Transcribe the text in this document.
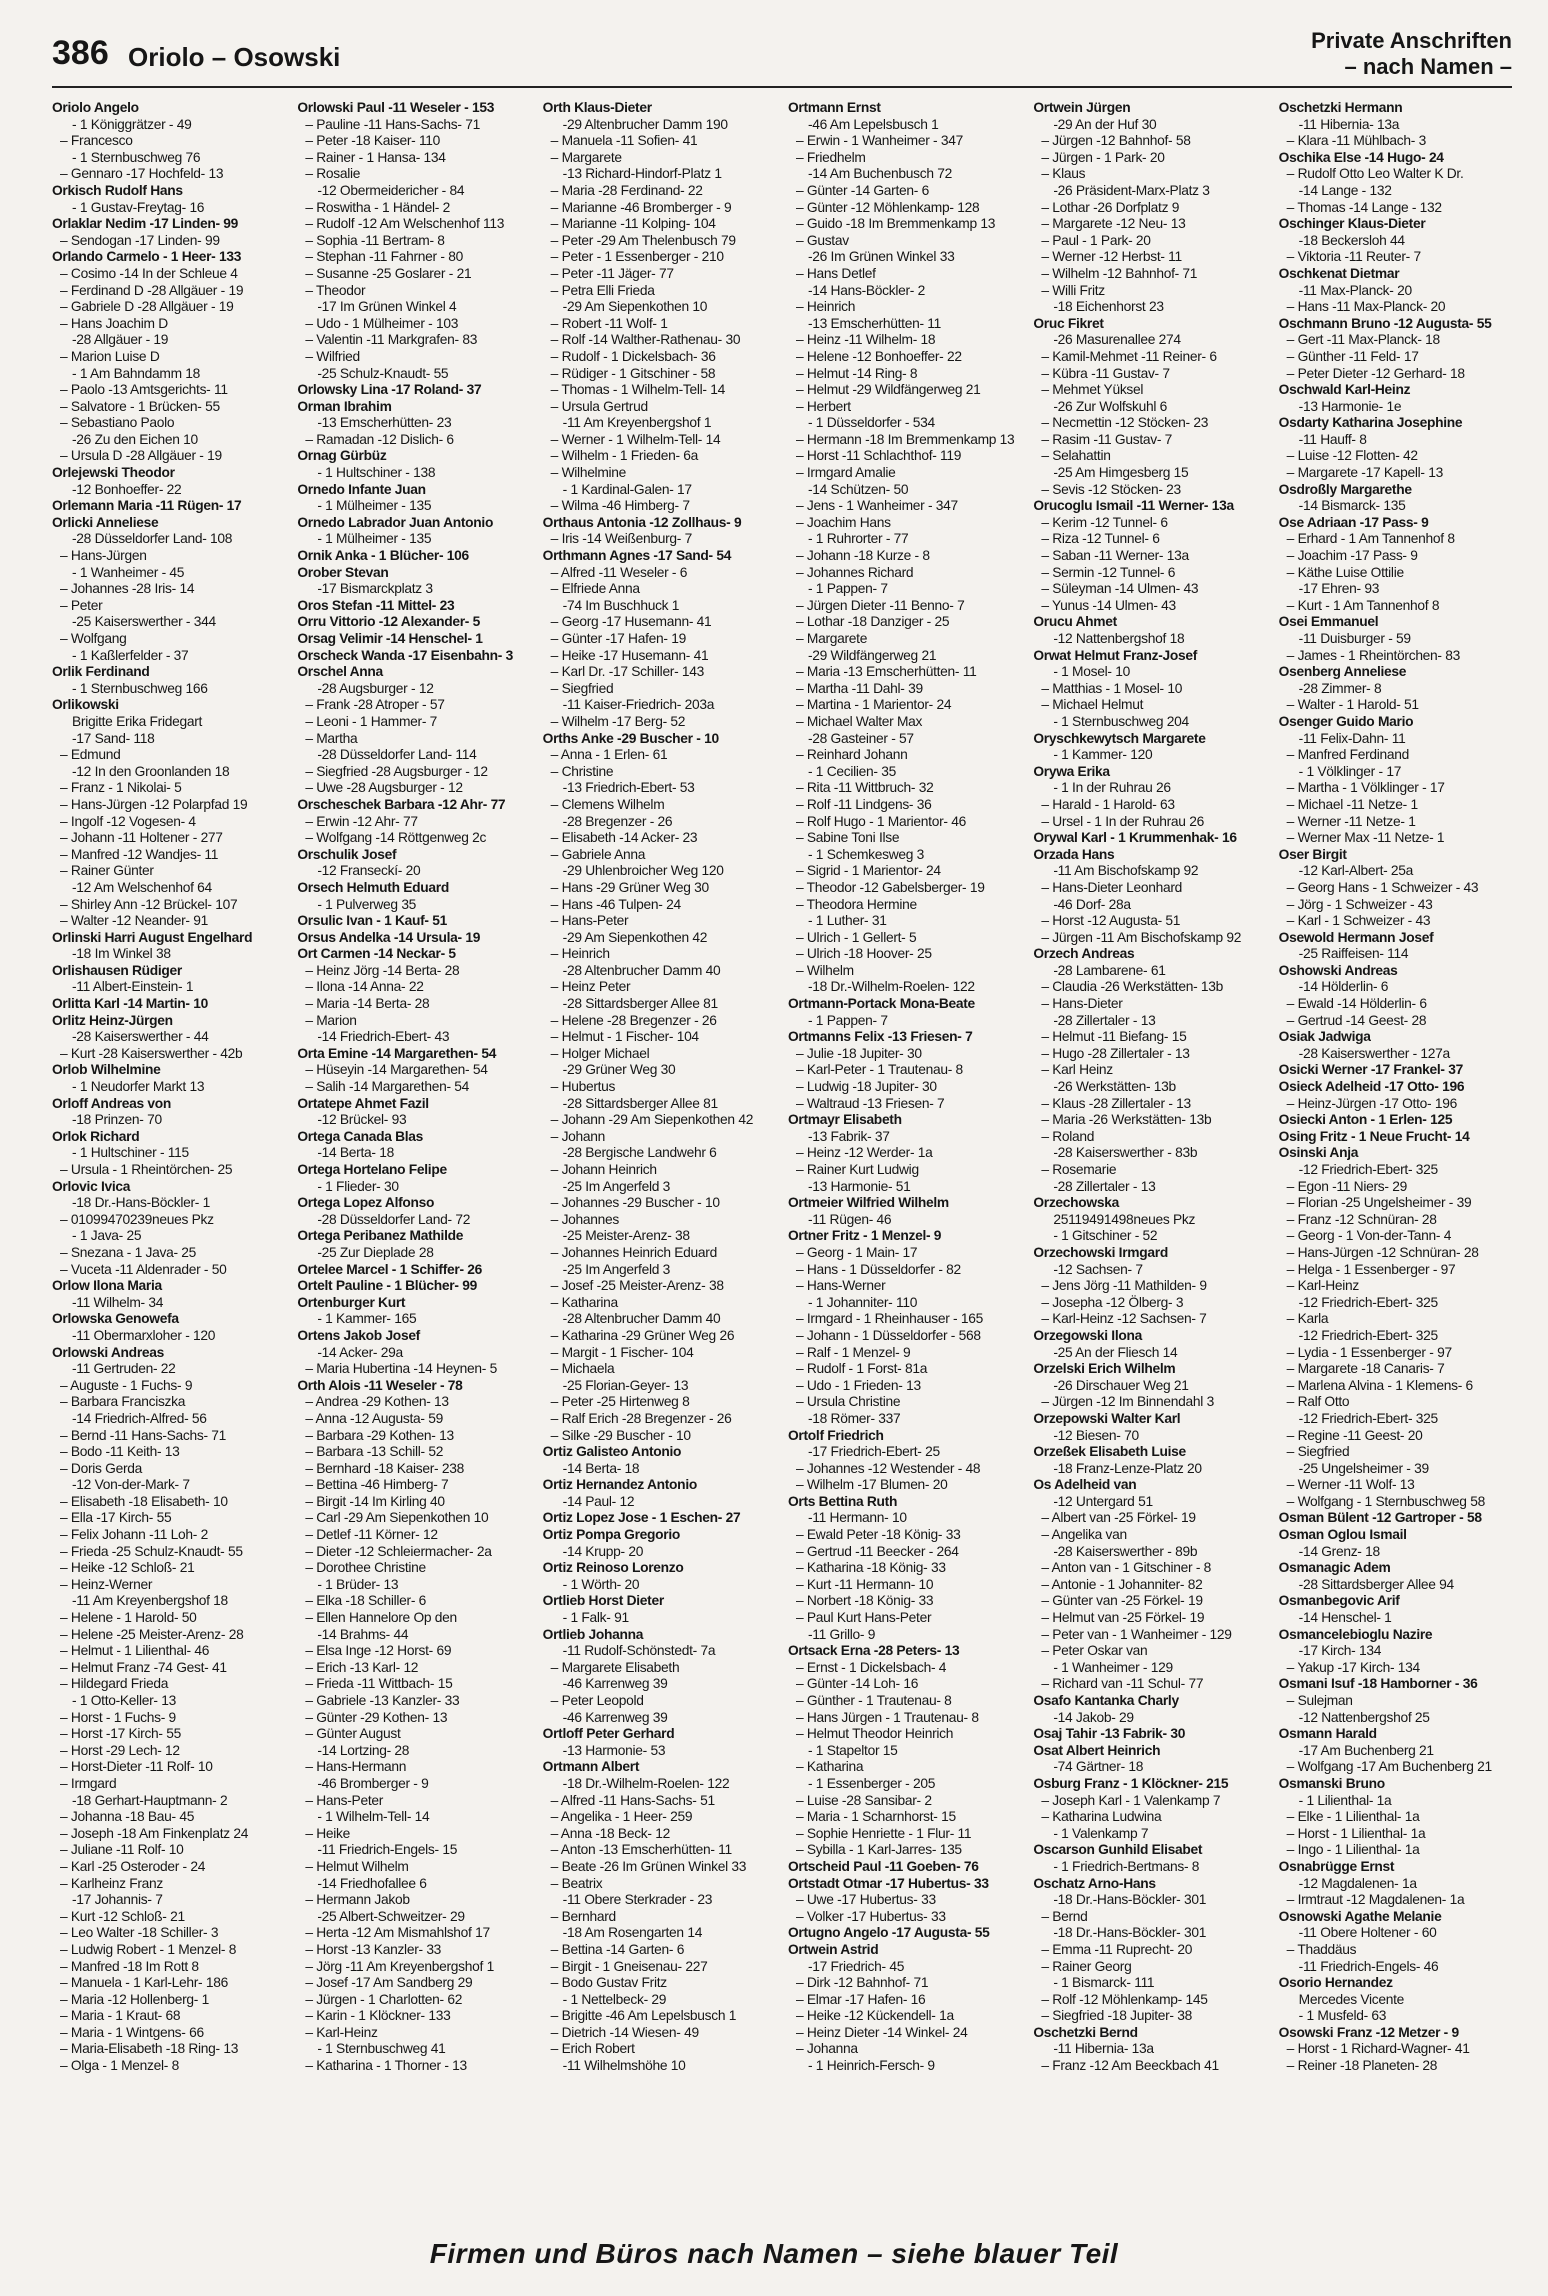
386 Oriolo – Osowski
Private Anschriften
– nach Namen –
Oriolo Angelo
- 1 Königgrätzer - 49
– Francesco
- 1 Sternbuschweg 76
– Gennaro -17 Hochfeld- 13
Orkisch Rudolf Hans
- 1 Gustav-Freytag- 16
Orlaklar Nedim -17 Linden- 99
– Sendogan -17 Linden- 99
Orlando Carmelo - 1 Heer- 133
– Cosimo -14 In der Schleue 4
– Ferdinand D -28 Allgäuer - 19
– Gabriele D -28 Allgäuer - 19
– Hans Joachim D
-28 Allgäuer - 19
– Marion Luise D
- 1 Am Bahndamm 18
– Paolo -13 Amtsgerichts- 11
– Salvatore - 1 Brücken- 55
– Sebastiano Paolo
-26 Zu den Eichen 10
– Ursula D -28 Allgäuer - 19
Orlejewski Theodor
-12 Bonhoeffer- 22
Orlemann Maria -11 Rügen- 17
Orlicki Anneliese
-28 Düsseldorfer Land- 108
– Hans-Jürgen
- 1 Wanheimer - 45
– Johannes -28 Iris- 14
– Peter
-25 Kaiserswerther - 344
– Wolfgang
- 1 Kaßlerfelder - 37
Orlik Ferdinand
- 1 Sternbuschweg 166
Orlikowski
Brigitte Erika Fridegart
-17 Sand- 118
– Edmund
-12 In den Groonlanden 18
– Franz - 1 Nikolai- 5
– Hans-Jürgen -12 Polarpfad 19
– Ingolf -12 Vogesen- 4
– Johann -11 Holtener - 277
– Manfred -12 Wandjes- 11
– Rainer Günter
-12 Am Welschenhof 64
– Shirley Ann -12 Brückel- 107
– Walter -12 Neander- 91
Orlinski Harri August Engelhard
-18 Im Winkel 38
Orlishausen Rüdiger
-11 Albert-Einstein- 1
Orlitta Karl -14 Martin- 10
Orlitz Heinz-Jürgen
-28 Kaiserswerther - 44
– Kurt -28 Kaiserswerther - 42b
Orlob Wilhelmine
- 1 Neudorfer Markt 13
Orloff Andreas von
-18 Prinzen- 70
Orlok Richard
- 1 Hultschiner - 115
– Ursula - 1 Rheintörchen- 25
Orlovic Ivica
-18 Dr.-Hans-Böckler- 1
– 01099470239neues Pkz
- 1 Java- 25
– Snezana - 1 Java- 25
– Vuceta -11 Aldenrader - 50
Orlow Ilona Maria
-11 Wilhelm- 34
Orlowska Genowefa
-11 Obermarxloher - 120
Orlowski Andreas
-11 Gertruden- 22
– Auguste - 1 Fuchs- 9
– Barbara Franciszka
-14 Friedrich-Alfred- 56
– Bernd -11 Hans-Sachs- 71
– Bodo -11 Keith- 13
– Doris Gerda
-12 Von-der-Mark- 7
– Elisabeth -18 Elisabeth- 10
– Ella -17 Kirch- 55
– Felix Johann -11 Loh- 2
– Frieda -25 Schulz-Knaudt- 55
– Heike -12 Schloß- 21
– Heinz-Werner
-11 Am Kreyenbergshof 18
– Helene - 1 Harold- 50
– Helene -25 Meister-Arenz- 28
– Helmut - 1 Lilienthal- 46
– Helmut Franz -74 Gest- 41
– Hildegard Frieda
- 1 Otto-Keller- 13
– Horst - 1 Fuchs- 9
– Horst -17 Kirch- 55
– Horst -29 Lech- 12
– Horst-Dieter -11 Rolf- 10
– Irmgard
-18 Gerhart-Hauptmann- 2
– Johanna -18 Bau- 45
– Joseph -18 Am Finkenplatz 24
– Juliane -11 Rolf- 10
– Karl -25 Osteroder - 24
– Karlheinz Franz
-17 Johannis- 7
– Kurt -12 Schloß- 21
– Leo Walter -18 Schiller- 3
– Ludwig Robert - 1 Menzel- 8
– Manfred -18 Im Rott 8
– Manuela - 1 Karl-Lehr- 186
– Maria -12 Hollenberg- 1
– Maria - 1 Kraut- 68
– Maria - 1 Wintgens- 66
– Maria-Elisabeth -18 Ring- 13
– Olga - 1 Menzel- 8
Orlowski Paul -11 Weseler - 153
– Pauline -11 Hans-Sachs- 71
– Peter -18 Kaiser- 110
– Rainer - 1 Hansa- 134
– Rosalie
-12 Obermeidericher - 84
– Roswitha - 1 Händel- 2
– Rudolf -12 Am Welschenhof 113
– Sophia -11 Bertram- 8
– Stephan -11 Fahrner - 80
– Susanne -25 Goslarer - 21
– Theodor
-17 Im Grünen Winkel 4
– Udo - 1 Mülheimer - 103
– Valentin -11 Markgrafen- 83
– Wilfried
-25 Schulz-Knaudt- 55
Orlowsky Lina -17 Roland- 37
Orman Ibrahim
-13 Emscherhütten- 23
– Ramadan -12 Dislich- 6
Ornag Gürbüz
- 1 Hultschiner - 138
Ornedo Infante Juan
- 1 Mülheimer - 135
Ornedo Labrador Juan Antonio
- 1 Mülheimer - 135
Ornik Anka - 1 Blücher- 106
Orober Stevan
-17 Bismarckplatz 3
Oros Stefan -11 Mittel- 23
Orru Vittorio -12 Alexander- 5
Orsag Velimir -14 Henschel- 1
Orscheck Wanda -17 Eisenbahn- 3
Orschel Anna
-28 Augsburger - 12
– Frank -28 Atroper - 57
– Leoni - 1 Hammer- 7
– Martha
-28 Düsseldorfer Land- 114
– Siegfried -28 Augsburger - 12
– Uwe -28 Augsburger - 12
Orscheschek Barbara -12 Ahr- 77
– Erwin -12 Ahr- 77
– Wolfgang -14 Röttgenweg 2c
Orschulik Josef
-12 Franseckí- 20
Orsech Helmuth Eduard
- 1 Pulverweg 35
Orsulic Ivan - 1 Kauf- 51
Orsus Andelka -14 Ursula- 19
Ort Carmen -14 Neckar- 5
– Heinz Jörg -14 Berta- 28
– Ilona -14 Anna- 22
– Maria -14 Berta- 28
– Marion
-14 Friedrich-Ebert- 43
Orta Emine -14 Margarethen- 54
– Hüseyin -14 Margarethen- 54
– Salih -14 Margarethen- 54
Ortatepe Ahmet Fazil
-12 Brückel- 93
Ortega Canada Blas
-14 Berta- 18
Ortega Hortelano Felipe
- 1 Flieder- 30
Ortega Lopez Alfonso
-28 Düsseldorfer Land- 72
Ortega Peribanez Mathilde
-25 Zur Dieplade 28
Ortelee Marcel - 1 Schiffer- 26
Ortelt Pauline - 1 Blücher- 99
Ortenburger Kurt
- 1 Kammer- 165
Ortens Jakob Josef
-14 Acker- 29a
– Maria Hubertina -14 Heynen- 5
Orth Alois -11 Weseler - 78
– Andrea -29 Kothen- 13
– Anna -12 Augusta- 59
– Barbara -29 Kothen- 13
– Barbara -13 Schill- 52
– Bernhard -18 Kaiser- 238
– Bettina -46 Himberg- 7
– Birgit -14 Im Kirling 40
– Carl -29 Am Siepenkothen 10
– Detlef -11 Körner- 12
– Dieter -12 Schleiermacher- 2a
– Dorothee Christine
- 1 Brüder- 13
– Elka -18 Schiller- 6
– Ellen Hannelore Op den
-14 Brahms- 44
– Elsa Inge -12 Horst- 69
– Erich -13 Karl- 12
– Frieda -11 Wittbach- 15
– Gabriele -13 Kanzler- 33
– Günter -29 Kothen- 13
– Günter August
-14 Lortzing- 28
– Hans-Hermann
-46 Bromberger - 9
– Hans-Peter
- 1 Wilhelm-Tell- 14
– Heike
-11 Friedrich-Engels- 15
– Helmut Wilhelm
-14 Friedhofallee 6
– Hermann Jakob
-25 Albert-Schweitzer- 29
– Herta -12 Am Mismahlshof 17
– Horst -13 Kanzler- 33
– Jörg -11 Am Kreyenbergshof 1
– Josef -17 Am Sandberg 29
– Jürgen - 1 Charlotten- 62
– Karin - 1 Klöckner- 133
– Karl-Heinz
- 1 Sternbuschweg 41
– Katharina - 1 Thorner - 13
Orth Klaus-Dieter
-29 Altenbrucher Damm 190
– Manuela -11 Sofien- 41
– Margarete
-13 Richard-Hindorf-Platz 1
– Maria -28 Ferdinand- 22
– Marianne -46 Bromberger - 9
– Marianne -11 Kolping- 104
– Peter -29 Am Thelenbusch 79
– Peter - 1 Essenberger - 210
– Peter -11 Jäger- 77
– Petra Elli Frieda
-29 Am Siepenkothen 10
– Robert -11 Wolf- 1
– Rolf -14 Walther-Rathenau- 30
– Rudolf - 1 Dickelsbach- 36
– Rüdiger - 1 Gitschiner - 58
– Thomas - 1 Wilhelm-Tell- 14
– Ursula Gertrud
-11 Am Kreyenbergshof 1
– Werner - 1 Wilhelm-Tell- 14
– Wilhelm - 1 Frieden- 6a
– Wilhelmine
- 1 Kardinal-Galen- 17
– Wilma -46 Himberg- 7
Orthaus Antonia -12 Zollhaus- 9
– Iris -14 Weißenburg- 7
Orthmann Agnes -17 Sand- 54
– Alfred -11 Weseler - 6
– Elfriede Anna
-74 Im Buschhuck 1
– Georg -17 Husemann- 41
– Günter -17 Hafen- 19
– Heike -17 Husemann- 41
– Karl Dr. -17 Schiller- 143
– Siegfried
-11 Kaiser-Friedrich- 203a
– Wilhelm -17 Berg- 52
Orths Anke -29 Buscher - 10
– Anna - 1 Erlen- 61
– Christine
-13 Friedrich-Ebert- 53
– Clemens Wilhelm
-28 Bregenzer - 26
– Elisabeth -14 Acker- 23
– Gabriele Anna
-29 Uhlenbroicher Weg 120
– Hans -29 Grüner Weg 30
– Hans -46 Tulpen- 24
– Hans-Peter
-29 Am Siepenkothen 42
– Heinrich
-28 Altenbrucher Damm 40
– Heinz Peter
-28 Sittardsberger Allee 81
– Helene -28 Bregenzer - 26
– Helmut - 1 Fischer- 104
– Holger Michael
-29 Grüner Weg 30
– Hubertus
-28 Sittardsberger Allee 81
– Johann -29 Am Siepenkothen 42
– Johann
-28 Bergische Landwehr 6
– Johann Heinrich
-25 Im Angerfeld 3
– Johannes -29 Buscher - 10
– Johannes
-25 Meister-Arenz- 38
– Johannes Heinrich Eduard
-25 Im Angerfeld 3
– Josef -25 Meister-Arenz- 38
– Katharina
-28 Altenbrucher Damm 40
– Katharina -29 Grüner Weg 26
– Margit - 1 Fischer- 104
– Michaela
-25 Florian-Geyer- 13
– Peter -25 Hirtenweg 8
– Ralf Erich -28 Bregenzer - 26
– Silke -29 Buscher - 10
Ortiz Galisteo Antonio
-14 Berta- 18
Ortiz Hernandez Antonio
-14 Paul- 12
Ortiz Lopez Jose - 1 Eschen- 27
Ortiz Pompa Gregorio
-14 Krupp- 20
Ortiz Reinoso Lorenzo
- 1 Wörth- 20
Ortlieb Horst Dieter
- 1 Falk- 91
Ortlieb Johanna
-11 Rudolf-Schönstedt- 7a
– Margarete Elisabeth
-46 Karrenweg 39
– Peter Leopold
-46 Karrenweg 39
Ortloff Peter Gerhard
-13 Harmonie- 53
Ortmann Albert
-18 Dr.-Wilhelm-Roelen- 122
– Alfred -11 Hans-Sachs- 51
– Angelika - 1 Heer- 259
– Anna -18 Beck- 12
– Anton -13 Emscherhütten- 11
– Beate -26 Im Grünen Winkel 33
– Beatrix
-11 Obere Sterkrader - 23
– Bernhard
-18 Am Rosengarten 14
– Bettina -14 Garten- 6
– Birgit - 1 Gneisenau- 227
– Bodo Gustav Fritz
- 1 Nettelbeck- 29
– Brigitte -46 Am Lepelsbusch 1
– Dietrich -14 Wiesen- 49
– Erich Robert
-11 Wilhelmshöhe 10
Ortmann Ernst
-46 Am Lepelsbusch 1
– Erwin - 1 Wanheimer - 347
– Friedhelm
-14 Am Buchenbusch 72
– Günter -14 Garten- 6
– Günter -12 Möhlenkamp- 128
– Guido -18 Im Bremmenkamp 13
– Gustav
-26 Im Grünen Winkel 33
– Hans Detlef
-14 Hans-Böckler- 2
– Heinrich
-13 Emscherhütten- 11
– Heinz -11 Wilhelm- 18
– Helene -12 Bonhoeffer- 22
– Helmut -14 Ring- 8
– Helmut -29 Wildfängerweg 21
– Herbert
- 1 Düsseldorfer - 534
– Hermann -18 Im Bremmenkamp 13
– Horst -11 Schlachthof- 119
– Irmgard Amalie
-14 Schützen- 50
– Jens - 1 Wanheimer - 347
– Joachim Hans
- 1 Ruhrorter - 77
– Johann -18 Kurze - 8
– Johannes Richard
- 1 Pappen- 7
– Jürgen Dieter -11 Benno- 7
– Lothar -18 Danziger - 25
– Margarete
-29 Wildfängerweg 21
– Maria -13 Emscherhütten- 11
– Martha -11 Dahl- 39
– Martina - 1 Marientor- 24
– Michael Walter Max
-28 Gasteiner - 57
– Reinhard Johann
- 1 Cecilien- 35
– Rita -11 Wittbruch- 32
– Rolf -11 Lindgens- 36
– Rolf Hugo - 1 Marientor- 46
– Sabine Toni Ilse
- 1 Schemkesweg 3
– Sigrid - 1 Marientor- 24
– Theodor -12 Gabelsberger- 19
– Theodora Hermine
- 1 Luther- 31
– Ulrich - 1 Gellert- 5
– Ulrich -18 Hoover- 25
– Wilhelm
-18 Dr.-Wilhelm-Roelen- 122
Ortmann-Portack Mona-Beate
- 1 Pappen- 7
Ortmanns Felix -13 Friesen- 7
– Julie -18 Jupiter- 30
– Karl-Peter - 1 Trautenau- 8
– Ludwig -18 Jupiter- 30
– Waltraud -13 Friesen- 7
Ortmayr Elisabeth
-13 Fabrik- 37
– Heinz -12 Werder- 1a
– Rainer Kurt Ludwig
-13 Harmonie- 51
Ortmeier Wilfried Wilhelm
-11 Rügen- 46
Ortner Fritz - 1 Menzel- 9
– Georg - 1 Main- 17
– Hans - 1 Düsseldorfer - 82
– Hans-Werner
- 1 Johanniter- 110
– Irmgard - 1 Rheinhauser - 165
– Johann - 1 Düsseldorfer - 568
– Ralf - 1 Menzel- 9
– Rudolf - 1 Forst- 81a
– Udo - 1 Frieden- 13
– Ursula Christine
-18 Römer- 337
Ortolf Friedrich
-17 Friedrich-Ebert- 25
– Johannes -12 Westender - 48
– Wilhelm -17 Blumen- 20
Orts Bettina Ruth
-11 Hermann- 10
– Ewald Peter -18 König- 33
– Gertrud -11 Beecker - 264
– Katharina -18 König- 33
– Kurt -11 Hermann- 10
– Norbert -18 König- 33
– Paul Kurt Hans-Peter
-11 Grillo- 9
Ortsack Erna -28 Peters- 13
– Ernst - 1 Dickelsbach- 4
– Günter -14 Loh- 16
– Günther - 1 Trautenau- 8
– Hans Jürgen - 1 Trautenau- 8
– Helmut Theodor Heinrich
- 1 Stapeltor 15
– Katharina
- 1 Essenberger - 205
– Luise -28 Sansibar- 2
– Maria - 1 Scharnhorst- 15
– Sophie Henriette - 1 Flur- 11
– Sybilla - 1 Karl-Jarres- 135
Ortscheid Paul -11 Goeben- 76
Ortstadt Otmar -17 Hubertus- 33
– Uwe -17 Hubertus- 33
– Volker -17 Hubertus- 33
Ortugno Angelo -17 Augusta- 55
Ortwein Astrid
-17 Friedrich- 45
– Dirk -12 Bahnhof- 71
– Elmar -17 Hafen- 16
– Heike -12 Kückendell- 1a
– Heinz Dieter -14 Winkel- 24
– Johanna
- 1 Heinrich-Fersch- 9
Ortwein Jürgen
-29 An der Huf 30
– Jürgen -12 Bahnhof- 58
– Jürgen - 1 Park- 20
– Klaus
-26 Präsident-Marx-Platz 3
– Lothar -26 Dorfplatz 9
– Margarete -12 Neu- 13
– Paul - 1 Park- 20
– Werner -12 Herbst- 11
– Wilhelm -12 Bahnhof- 71
– Willi Fritz
-18 Eichenhorst 23
Oruc Fikret
-26 Masurenallee 274
– Kamil-Mehmet -11 Reiner- 6
– Kübra -11 Gustav- 7
– Mehmet Yüksel
-26 Zur Wolfskuhl 6
– Necmettin -12 Stöcken- 23
– Rasim -11 Gustav- 7
– Selahattin
-25 Am Himgesberg 15
– Sevis -12 Stöcken- 23
Orucoglu Ismail -11 Werner- 13a
– Kerim -12 Tunnel- 6
– Riza -12 Tunnel- 6
– Saban -11 Werner- 13a
– Sermin -12 Tunnel- 6
– Süleyman -14 Ulmen- 43
– Yunus -14 Ulmen- 43
Orucu Ahmet
-12 Nattenbergshof 18
Orwat Helmut Franz-Josef
- 1 Mosel- 10
– Matthias - 1 Mosel- 10
– Michael Helmut
- 1 Sternbuschweg 204
Oryschkewytsch Margarete
- 1 Kammer- 120
Orywa Erika
- 1 In der Ruhrau 26
– Harald - 1 Harold- 63
– Ursel - 1 In der Ruhrau 26
Orywal Karl - 1 Krummenhak- 16
Orzada Hans
-11 Am Bischofskamp 92
– Hans-Dieter Leonhard
-46 Dorf- 28a
– Horst -12 Augusta- 51
– Jürgen -11 Am Bischofskamp 92
Orzech Andreas
-28 Lambarene- 61
– Claudia -26 Werkstätten- 13b
– Hans-Dieter
-28 Zillertaler - 13
– Helmut -11 Biefang- 15
– Hugo -28 Zillertaler - 13
– Karl Heinz
-26 Werkstätten- 13b
– Klaus -28 Zillertaler - 13
– Maria -26 Werkstätten- 13b
– Roland
-28 Kaiserswerther - 83b
– Rosemarie
-28 Zillertaler - 13
Orzechowska
25119491498neues Pkz
- 1 Gitschiner - 52
Orzechowski Irmgard
-12 Sachsen- 7
– Jens Jörg -11 Mathilden- 9
– Josepha -12 Ölberg- 3
– Karl-Heinz -12 Sachsen- 7
Orzegowski Ilona
-25 An der Fliesch 14
Orzelski Erich Wilhelm
-26 Dirschauer Weg 21
– Jürgen -12 Im Binnendahl 3
Orzepowski Walter Karl
-12 Biesen- 70
Orzeßek Elisabeth Luise
-18 Franz-Lenze-Platz 20
Os Adelheid van
-12 Untergard 51
– Albert van -25 Förkel- 19
– Angelika van
-28 Kaiserswerther - 89b
– Anton van - 1 Gitschiner - 8
– Antonie - 1 Johanniter- 82
– Günter van -25 Förkel- 19
– Helmut van -25 Förkel- 19
– Peter van - 1 Wanheimer - 129
– Peter Oskar van
- 1 Wanheimer - 129
– Richard van -11 Schul- 77
Osafo Kantanka Charly
-14 Jakob- 29
Osaj Tahir -13 Fabrik- 30
Osat Albert Heinrich
-74 Gärtner- 18
Osburg Franz - 1 Klöckner- 215
– Joseph Karl - 1 Valenkamp 7
– Katharina Ludwina
- 1 Valenkamp 7
Oscarson Gunhild Elisabet
- 1 Friedrich-Bertmans- 8
Oschatz Arno-Hans
-18 Dr.-Hans-Böckler- 301
– Bernd
-18 Dr.-Hans-Böckler- 301
– Emma -11 Ruprecht- 20
– Rainer Georg
- 1 Bismarck- 111
– Rolf -12 Möhlenkamp- 145
– Siegfried -18 Jupiter- 38
Oschetzki Bernd
-11 Hibernia- 13a
– Franz -12 Am Beeckbach 41
Oschetzki Hermann
-11 Hibernia- 13a
– Klara -11 Mühlbach- 3
Oschika Else -14 Hugo- 24
– Rudolf Otto Leo Walter K Dr.
-14 Lange - 132
– Thomas -14 Lange - 132
Oschinger Klaus-Dieter
-18 Beckersloh 44
– Viktoria -11 Reuter- 7
Oschkenat Dietmar
-11 Max-Planck- 20
– Hans -11 Max-Planck- 20
Oschmann Bruno -12 Augusta- 55
– Gert -11 Max-Planck- 18
– Günther -11 Feld- 17
– Peter Dieter -12 Gerhard- 18
Oschwald Karl-Heinz
-13 Harmonie- 1e
Osdarty Katharina Josephine
-11 Hauff- 8
– Luise -12 Flotten- 42
– Margarete -17 Kapell- 13
Osdroßly Margarethe
-14 Bismarck- 135
Ose Adriaan -17 Pass- 9
– Erhard - 1 Am Tannenhof 8
– Joachim -17 Pass- 9
– Käthe Luise Ottilie
-17 Ehren- 93
– Kurt - 1 Am Tannenhof 8
Osei Emmanuel
-11 Duisburger - 59
– James - 1 Rheintörchen- 83
Osenberg Anneliese
-28 Zimmer- 8
– Walter - 1 Harold- 51
Osenger Guido Mario
-11 Felix-Dahn- 11
– Manfred Ferdinand
- 1 Völklinger - 17
– Martha - 1 Völklinger - 17
– Michael -11 Netze- 1
– Werner -11 Netze- 1
– Werner Max -11 Netze- 1
Oser Birgit
-12 Karl-Albert- 25a
– Georg Hans - 1 Schweizer - 43
– Jörg - 1 Schweizer - 43
– Karl - 1 Schweizer - 43
Osewold Hermann Josef
-25 Raiffeisen- 114
Oshowski Andreas
-14 Hölderlin- 6
– Ewald -14 Hölderlin- 6
– Gertrud -14 Geest- 28
Osiak Jadwiga
-28 Kaiserswerther - 127a
Osicki Werner -17 Frankel- 37
Osieck Adelheid -17 Otto- 196
– Heinz-Jürgen -17 Otto- 196
Osiecki Anton - 1 Erlen- 125
Osing Fritz - 1 Neue Frucht- 14
Osinski Anja
-12 Friedrich-Ebert- 325
– Egon -11 Niers- 29
– Florian -25 Ungelsheimer - 39
– Franz -12 Schnüran- 28
– Georg - 1 Von-der-Tann- 4
– Hans-Jürgen -12 Schnüran- 28
– Helga - 1 Essenberger - 97
– Karl-Heinz
-12 Friedrich-Ebert- 325
– Karla
-12 Friedrich-Ebert- 325
– Lydia - 1 Essenberger - 97
– Margarete -18 Canaris- 7
– Marlena Alvina - 1 Klemens- 6
– Ralf Otto
-12 Friedrich-Ebert- 325
– Regine -11 Geest- 20
– Siegfried
-25 Ungelsheimer - 39
– Werner -11 Wolf- 13
– Wolfgang - 1 Sternbuschweg 58
Osman Bülent -12 Gartroper - 58
Osman Oglou Ismail
-14 Grenz- 18
Osmanagic Adem
-28 Sittardsberger Allee 94
Osmanbegovic Arif
-14 Henschel- 1
Osmancelebioglu Nazire
-17 Kirch- 134
– Yakup -17 Kirch- 134
Osmani Isuf -18 Hamborner - 36
– Sulejman
-12 Nattenbergshof 25
Osmann Harald
-17 Am Buchenberg 21
– Wolfgang -17 Am Buchenberg 21
Osmanski Bruno
- 1 Lilienthal- 1a
– Elke - 1 Lilienthal- 1a
– Horst - 1 Lilienthal- 1a
– Ingo - 1 Lilienthal- 1a
Osnabrügge Ernst
-12 Magdalenen- 1a
– Irmtraut -12 Magdalenen- 1a
Osnowski Agathe Melanie
-11 Obere Holtener - 60
– Thaddäus
-11 Friedrich-Engels- 46
Osorio Hernandez
Mercedes Vicente
- 1 Musfeld- 63
Osowski Franz -12 Metzer - 9
– Horst - 1 Richard-Wagner- 41
– Reiner -18 Planeten- 28
Firmen und Büros nach Namen – siehe blauer Teil
